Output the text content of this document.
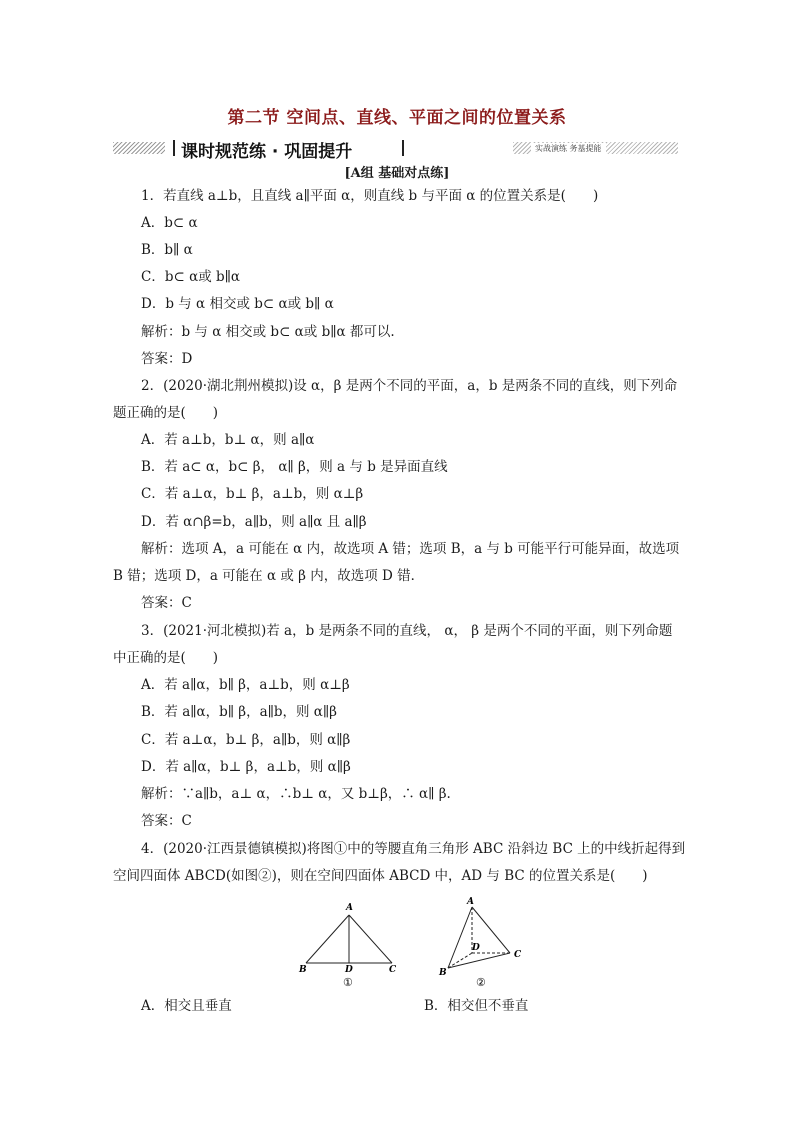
第二节 空间点、直线、平面之间的位置关系
课时规范练 · 巩固提升	实战演练 务基提能
[A组 基础对点练]
1．若直线 a⊥b，且直线 a∥平面 α，则直线 b 与平面 α 的位置关系是(　　)
A．b⊂ α
B．b∥ α
C．b⊂ α或 b∥α
D．b 与 α 相交或 b⊂ α或 b∥ α
解析：b 与 α 相交或 b⊂ α或 b∥α 都可以.
答案：D
2．(2020·湖北荆州模拟)设 α，β 是两个不同的平面，a，b 是两条不同的直线，则下列命
题正确的是(　　)
A．若 a⊥b，b⊥ α，则 a∥α
B．若 a⊂ α，b⊂ β， α∥ β，则 a 与 b 是异面直线
C．若 a⊥α，b⊥ β，a⊥b，则 α⊥β
D．若 α∩β=b，a∥b，则 a∥α 且 a∥β
解析：选项 A，a 可能在 α 内，故选项 A 错；选项 B，a 与 b 可能平行可能异面，故选项
B 错；选项 D，a 可能在 α 或 β 内，故选项 D 错．
答案：C
3．(2021·河北模拟)若 a，b 是两条不同的直线， α， β 是两个不同的平面，则下列命题
中正确的是(　　)
A．若 a∥α，b∥ β，a⊥b，则 α⊥β
B．若 a∥α，b∥ β，a∥b，则 α∥β
C．若 a⊥α，b⊥ β，a∥b，则 α∥β
D．若 a∥α，b⊥ β，a⊥b，则 α∥β
解析：∵a∥b，a⊥ α，∴b⊥ α，又 b⊥β，∴ α∥ β.
答案：C
4．(2020·江西景德镇模拟)将图①中的等腰直角三角形 ABC 沿斜边 BC 上的中线折起得到
空间四面体 ABCD(如图②)，则在空间四面体 ABCD 中，AD 与 BC 的位置关系是(　　)
A
B	D	C
①
A
D
C
B
②
A．相交且垂直	B．相交但不垂直
